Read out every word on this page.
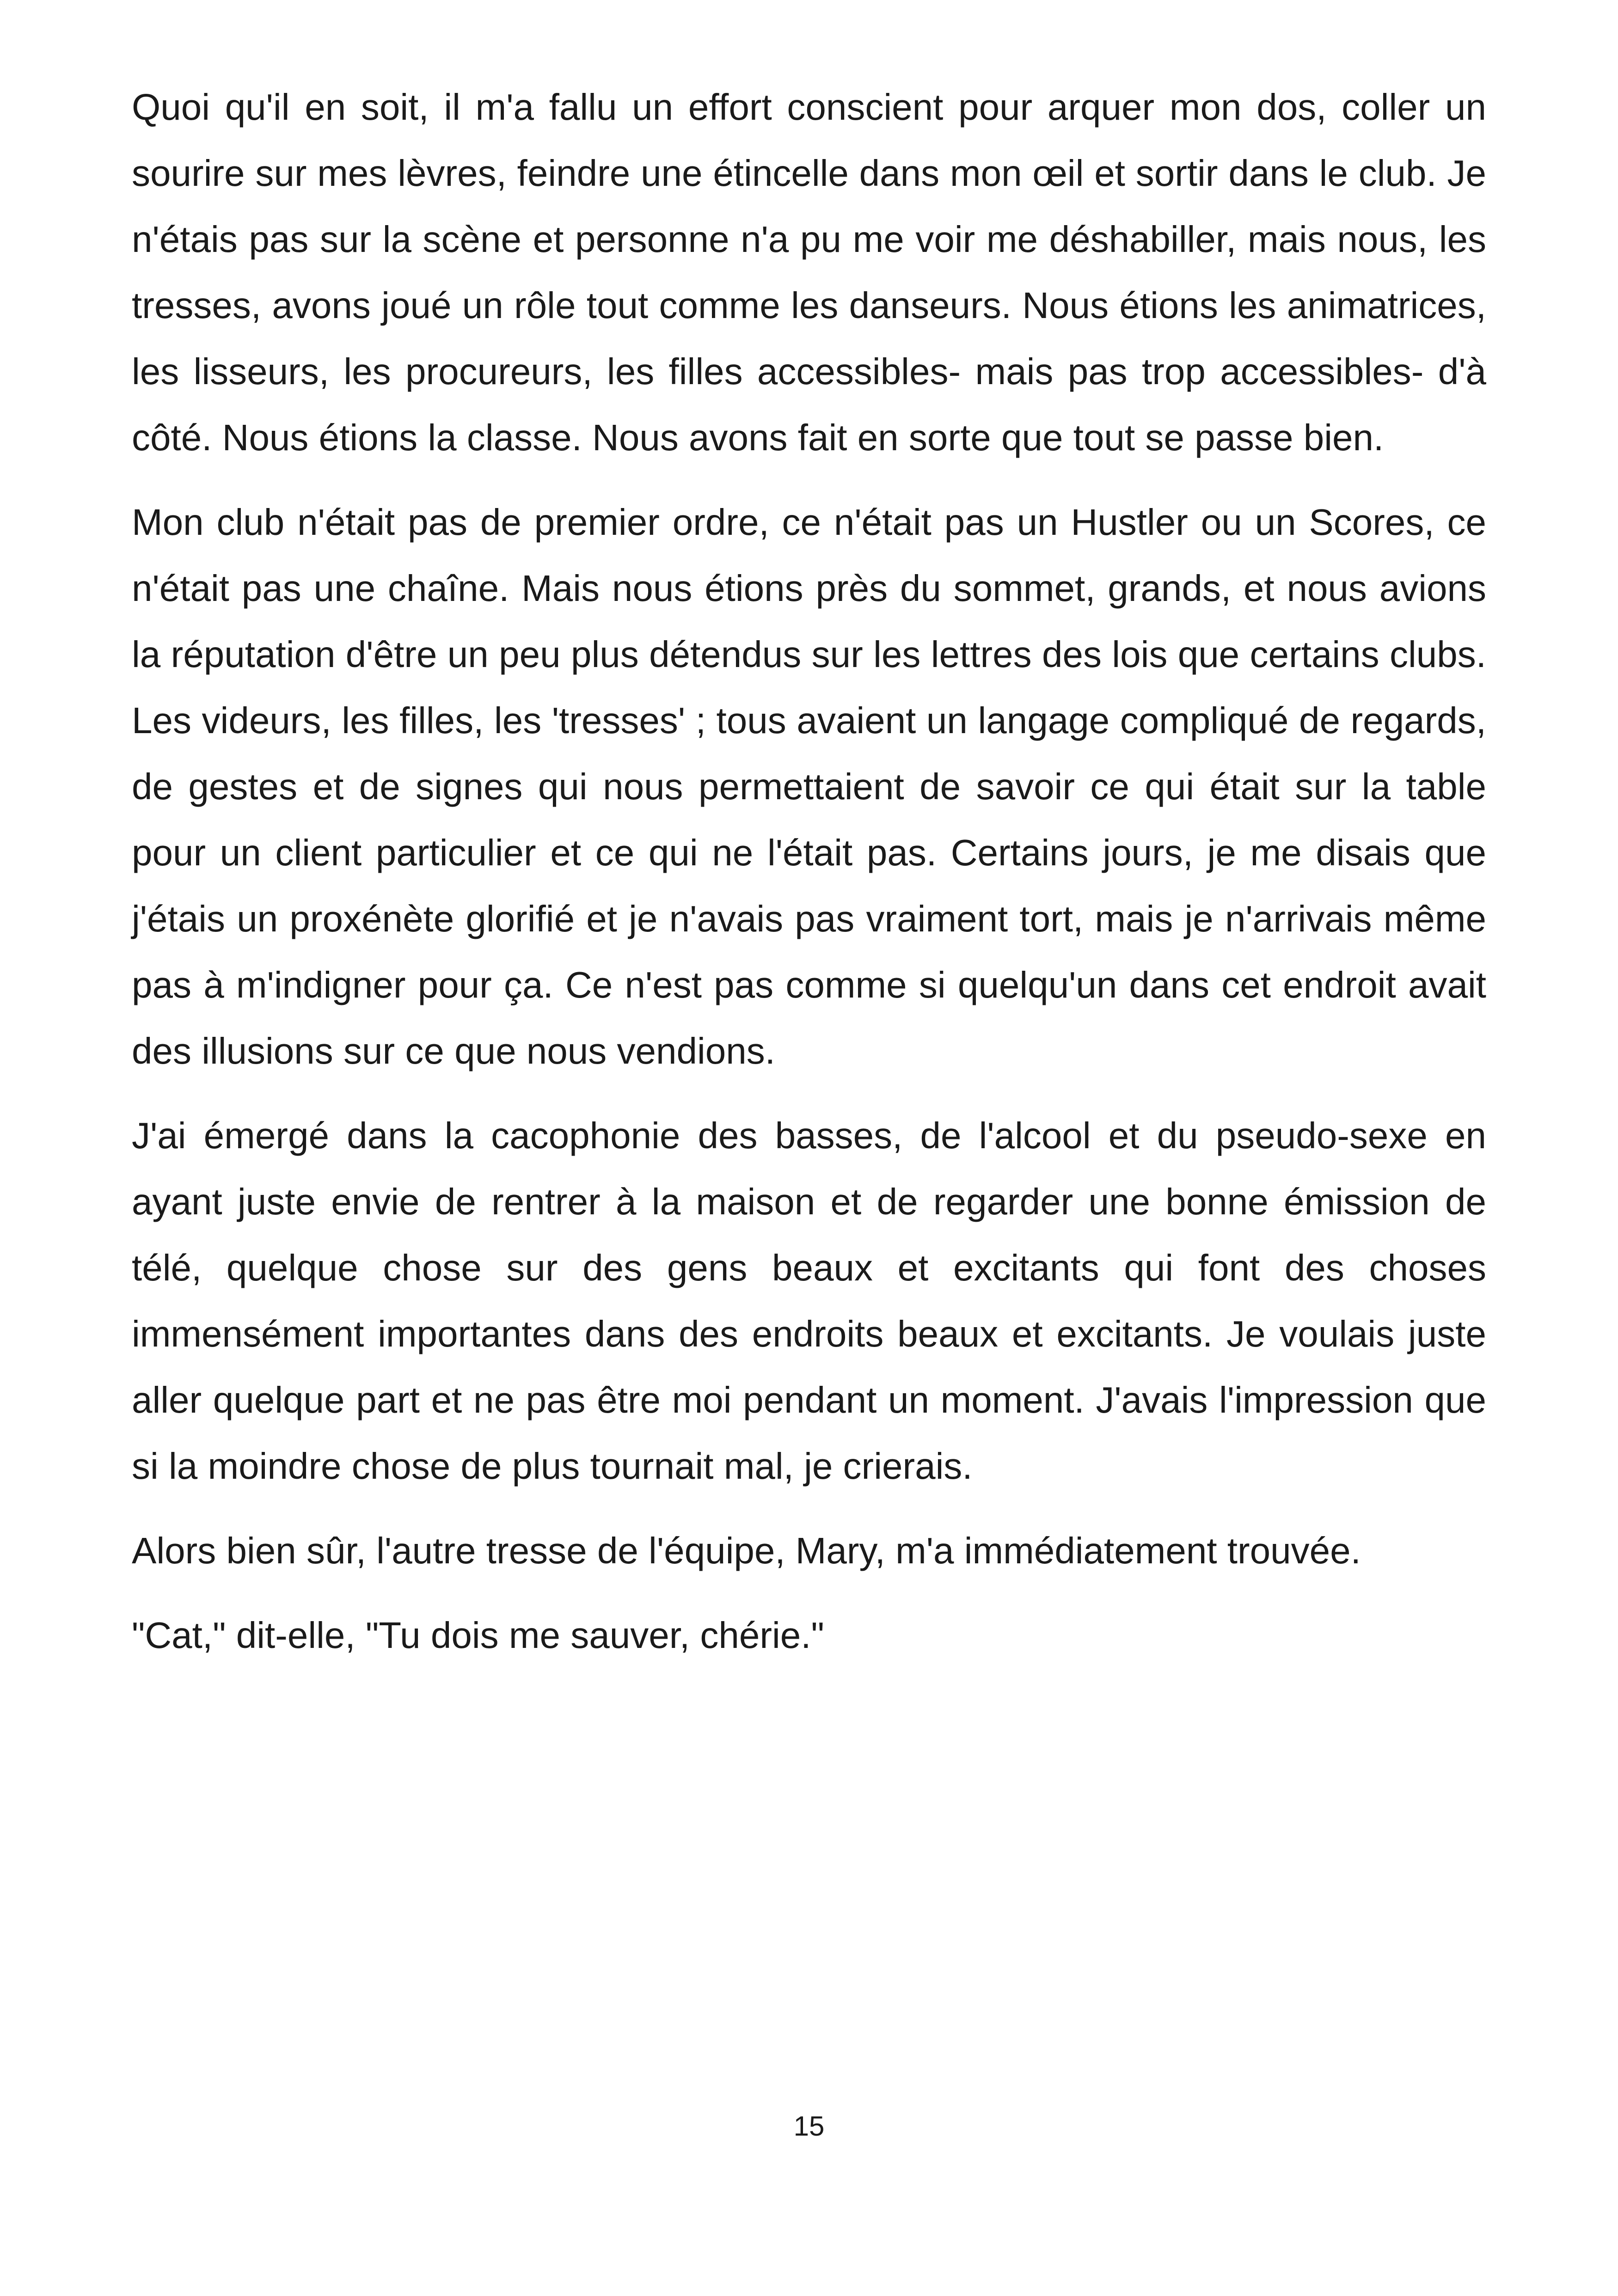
Quoi qu'il en soit, il m'a fallu un effort conscient pour arquer mon dos, coller un sourire sur mes lèvres, feindre une étincelle dans mon œil et sortir dans le club. Je n'étais pas sur la scène et personne n'a pu me voir me déshabiller, mais nous, les tresses, avons joué un rôle tout comme les danseurs. Nous étions les animatrices, les lisseurs, les procureurs, les filles accessibles- mais pas trop accessibles- d'à côté. Nous étions la classe. Nous avons fait en sorte que tout se passe bien.

Mon club n'était pas de premier ordre, ce n'était pas un Hustler ou un Scores, ce n'était pas une chaîne. Mais nous étions près du sommet, grands, et nous avions la réputation d'être un peu plus détendus sur les lettres des lois que certains clubs. Les videurs, les filles, les 'tresses' ; tous avaient un langage compliqué de regards, de gestes et de signes qui nous permettaient de savoir ce qui était sur la table pour un client particulier et ce qui ne l'était pas. Certains jours, je me disais que j'étais un proxénète glorifié et je n'avais pas vraiment tort, mais je n'arrivais même pas à m'indigner pour ça. Ce n'est pas comme si quelqu'un dans cet endroit avait des illusions sur ce que nous vendions.

J'ai émergé dans la cacophonie des basses, de l'alcool et du pseudo-sexe en ayant juste envie de rentrer à la maison et de regarder une bonne émission de télé, quelque chose sur des gens beaux et excitants qui font des choses immensément importantes dans des endroits beaux et excitants. Je voulais juste aller quelque part et ne pas être moi pendant un moment. J'avais l'impression que si la moindre chose de plus tournait mal, je crierais.

Alors bien sûr, l'autre tresse de l'équipe, Mary, m'a immédiatement trouvée.

"Cat," dit-elle, "Tu dois me sauver, chérie."

15
